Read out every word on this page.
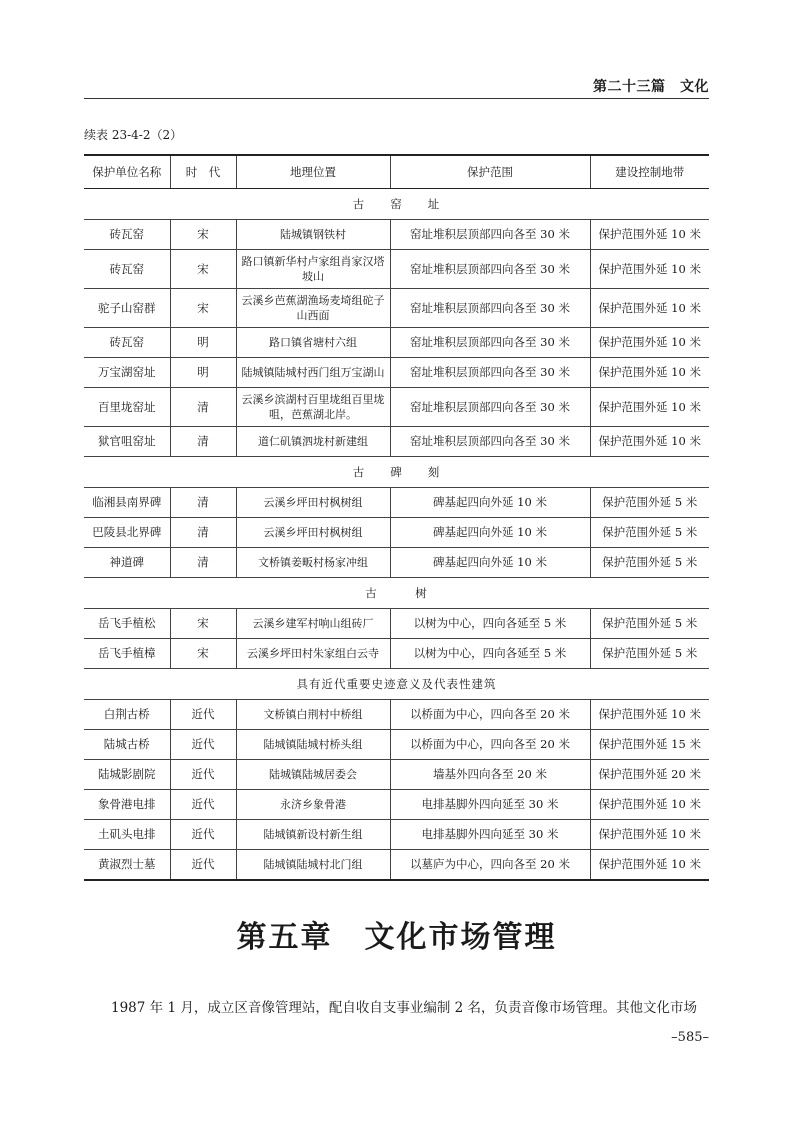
第二十三篇　文化
续表 23-4-2（2）
保护单位名称	时　代	地理位置	保护范围	建设控制地带
古　　窑　　址				
砖瓦窑	宋	陆城镇钢铁村	窑址堆积层顶部四向各至 30 米	保护范围外延 10 米
砖瓦窑	宋	路口镇新华村卢家组肖家汉塔坡山	窑址堆积层顶部四向各至 30 米	保护范围外延 10 米
驼子山窑群	宋	云溪乡芭蕉湖渔场麦埼组砣子山西面	窑址堆积层顶部四向各至 30 米	保护范围外延 10 米
砖瓦窑	明	路口镇省塘村六组	窑址堆积层顶部四向各至 30 米	保护范围外延 10 米
万宝湖窑址	明	陆城镇陆城村西门组万宝湖山	窑址堆积层顶部四向各至 30 米	保护范围外延 10 米
百里垅窑址	清	云溪乡滨湖村百里垅组百里垅咀，芭蕉湖北岸。	窑址堆积层顶部四向各至 30 米	保护范围外延 10 米
狱官咀窑址	清	道仁矶镇泗垅村新建组	窑址堆积层顶部四向各至 30 米	保护范围外延 10 米
古　　碑　　刻				
临湘县南界碑	清	云溪乡坪田村枫树组	碑基起四向外延 10 米	保护范围外延 5 米
巴陵县北界碑	清	云溪乡坪田村枫树组	碑基起四向外延 10 米	保护范围外延 5 米
神道碑	清	文桥镇姜畈村杨家冲组	碑基起四向外延 10 米	保护范围外延 5 米
古　　　树				
岳飞手植松	宋	云溪乡建军村响山组砖厂	以树为中心，四向各延至 5 米	保护范围外延 5 米
岳飞手植樟	宋	云溪乡坪田村朱家组白云寺	以树为中心，四向各延至 5 米	保护范围外延 5 米
具有近代重要史迹意义及代表性建筑				
白荆古桥	近代	文桥镇白荆村中桥组	以桥面为中心，四向各至 20 米	保护范围外延 10 米
陆城古桥	近代	陆城镇陆城村桥头组	以桥面为中心，四向各至 20 米	保护范围外延 15 米
陆城影剧院	近代	陆城镇陆城居委会	墙基外四向各至 20 米	保护范围外延 20 米
象骨港电排	近代	永济乡象骨港	电排基脚外四向延至 30 米	保护范围外延 10 米
土矶头电排	近代	陆城镇新设村新生组	电排基脚外四向延至 30 米	保护范围外延 10 米
黄淑烈士墓	近代	陆城镇陆城村北门组	以墓庐为中心，四向各至 20 米	保护范围外延 10 米
第五章　文化市场管理
1987 年 1 月，成立区音像管理站，配自收自支事业编制 2 名，负责音像市场管理。其他文化市场
–585–
